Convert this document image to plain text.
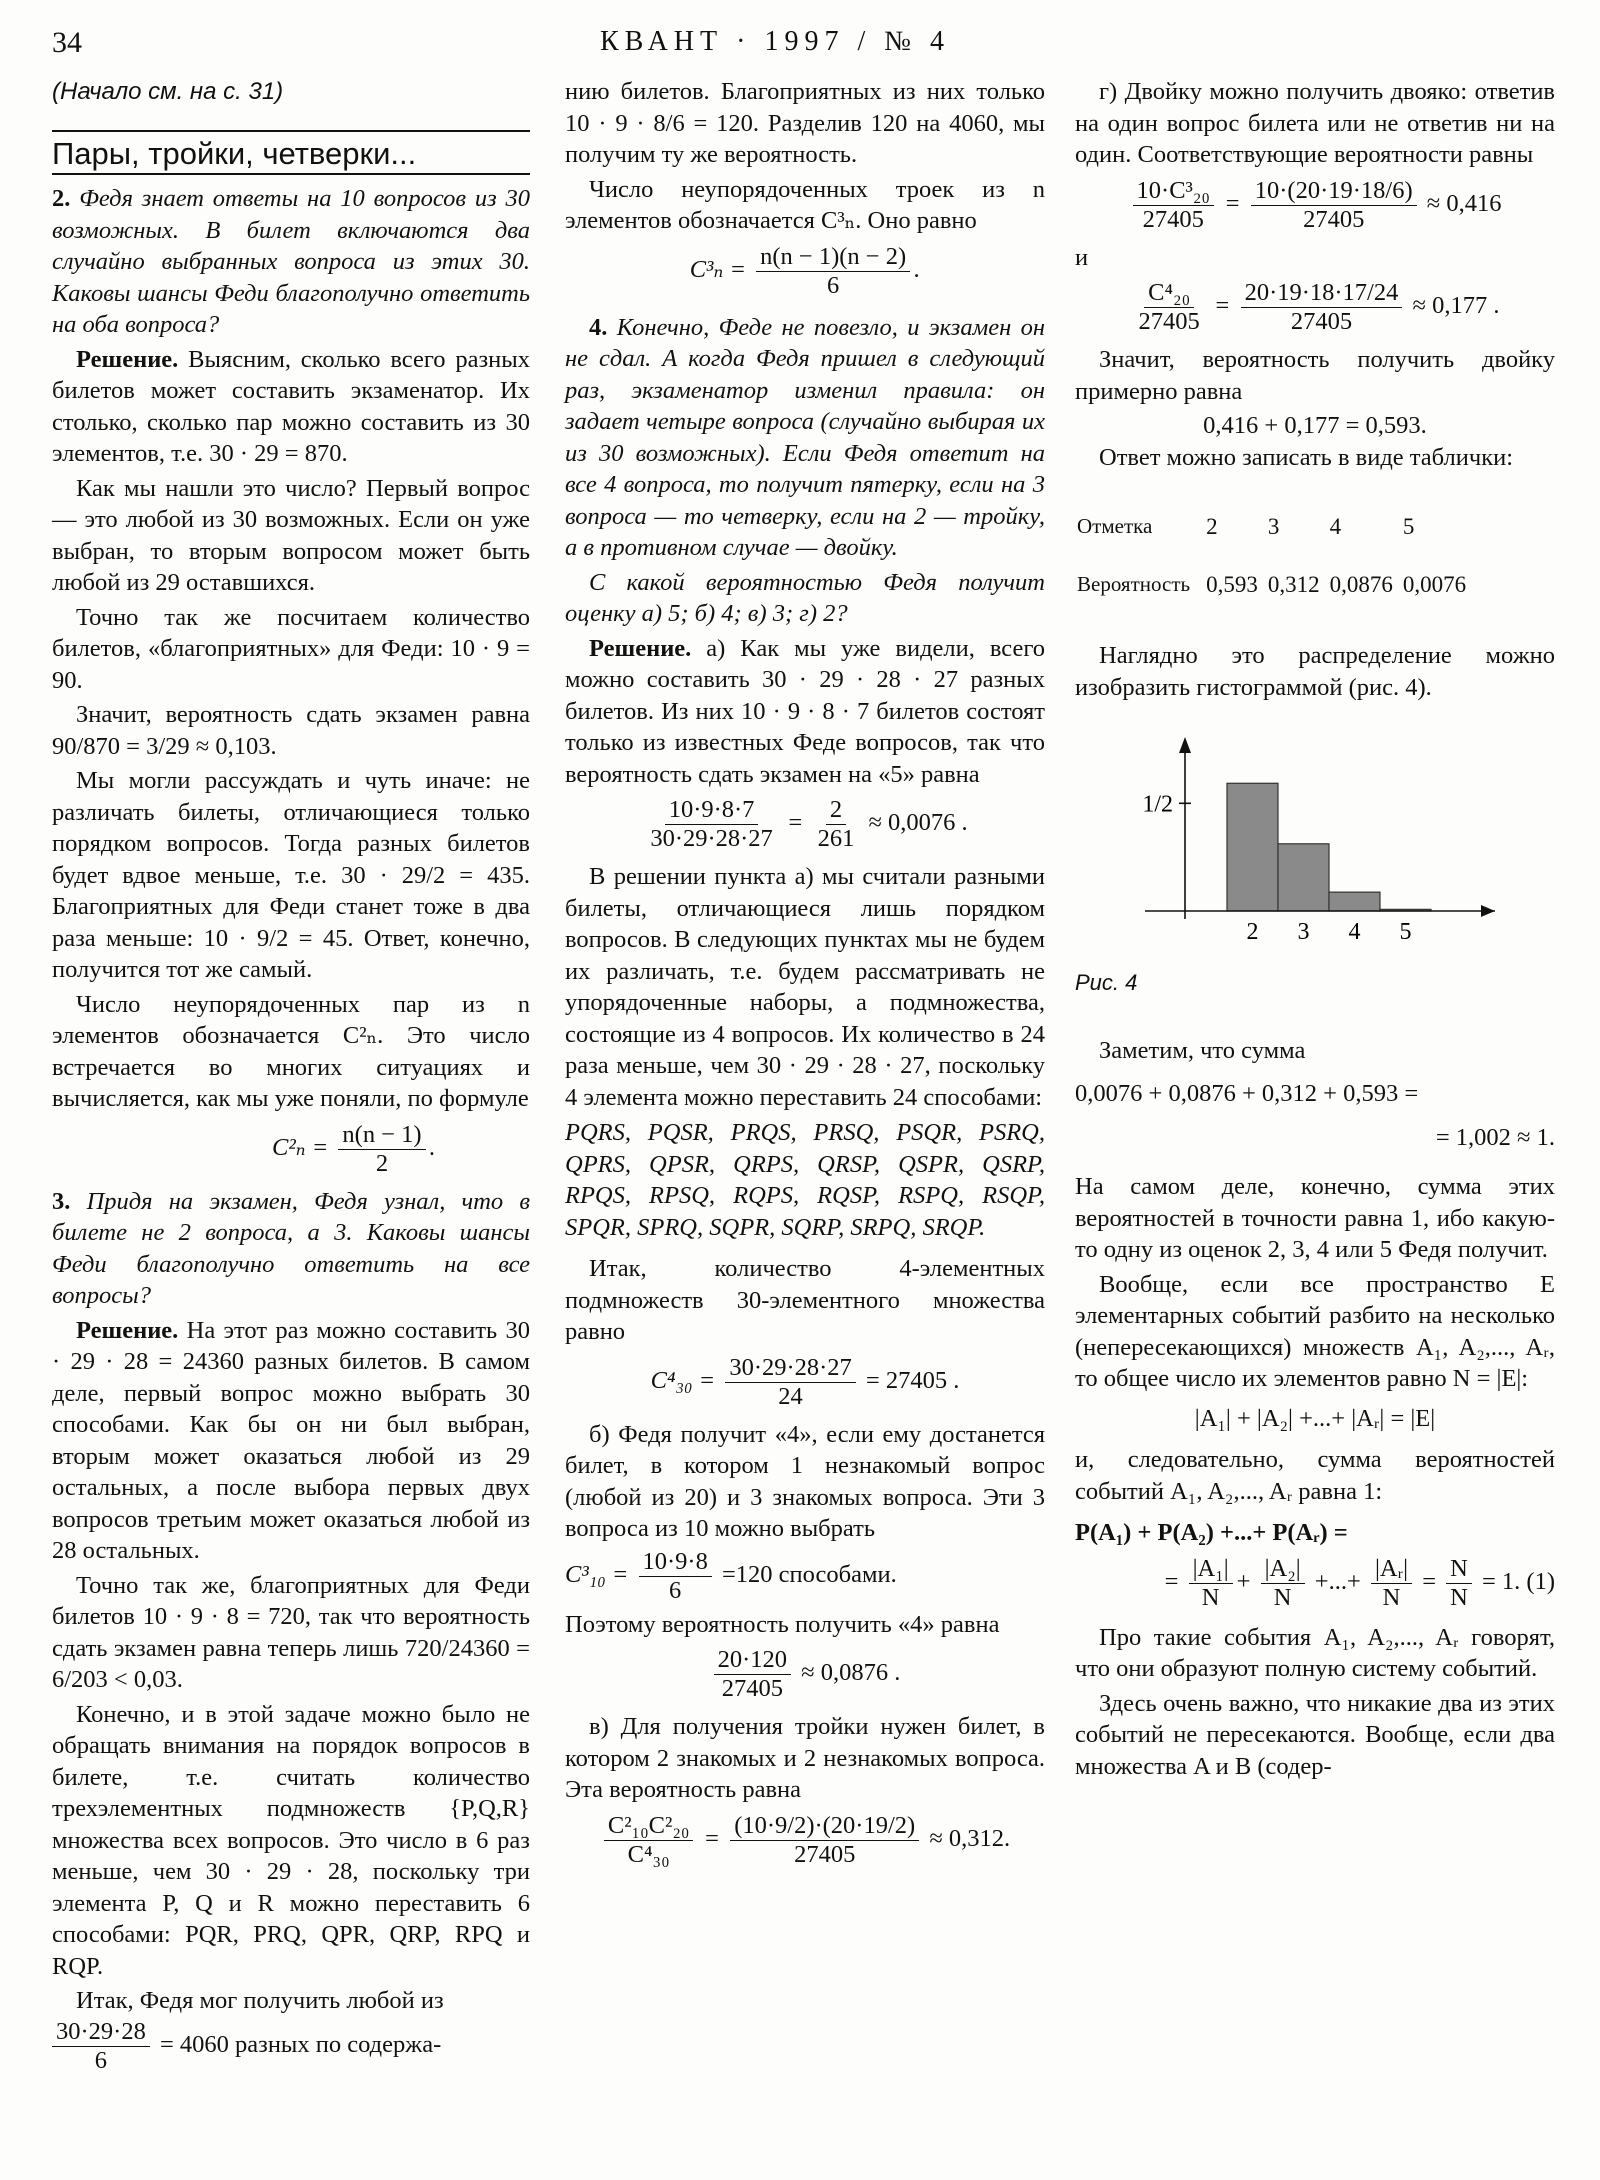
34	КВАНТ · 1997 / № 4

(Начало см. на с. 31)

Пары, тройки, четверки...

2. Федя знает ответы на 10 вопросов из 30 возможных. В билет включаются два случайно выбранных вопроса из этих 30. Каковы шансы Феди благополучно ответить на оба вопроса?

Решение. Выясним, сколько всего разных билетов может составить экзаменатор. Их столько, сколько пар можно составить из 30 элементов, т.е. 30 · 29 = 870.

Как мы нашли это число? Первый вопрос — это любой из 30 возможных. Если он уже выбран, то вторым вопросом может быть любой из 29 оставшихся.

Точно так же посчитаем количество билетов, «благоприятных» для Феди: 10 · 9 = 90.

Значит, вероятность сдать экзамен равна 90/870 = 3/29 ≈ 0,103.

Мы могли рассуждать и чуть иначе: не различать билеты, отличающиеся только порядком вопросов. Тогда разных билетов будет вдвое меньше, т.е. 30 · 29/2 = 435. Благоприятных для Феди станет тоже в два раза меньше: 10 · 9/2 = 45. Ответ, конечно, получится тот же самый.

Число неупорядоченных пар из n элементов обозначается C²ₙ. Это число встречается во многих ситуациях и вычисляется, как мы уже поняли, по формуле

$C^2_n = \frac{n(n - 1)}{2}$ .

3. Придя на экзамен, Федя узнал, что в билете не 2 вопроса, а 3. Каковы шансы Феди благополучно ответить на все вопросы?

Решение. На этот раз можно составить 30 · 29 · 28 = 24360 разных билетов. В самом деле, первый вопрос можно выбрать 30 способами. Как бы он ни был выбран, вторым может оказаться любой из 29 остальных, а после выбора первых двух вопросов третьим может оказаться любой из 28 остальных.

Точно так же, благоприятных для Феди билетов 10 · 9 · 8 = 720, так что вероятность сдать экзамен равна теперь лишь 720/24360 = 6/203 < 0,03.

Конечно, и в этой задаче можно было не обращать внимания на порядок вопросов в билете, т.е. считать количество трехэлементных подмножеств {P,Q,R} множества всех вопросов. Это число в 6 раз меньше, чем 30 · 29 · 28, поскольку три элемента P, Q и R можно переставить 6 способами: PQR, PRQ, QPR, QRP, RPQ и RQP.

Итак, Федя мог получить любой из

$\frac{30\cdot 29\cdot 28}{6} = 4060$ разных по содержа-

нию билетов. Благоприятных из них только 10 · 9 · 8/6 = 120. Разделив 120 на 4060, мы получим ту же вероятность.

Число неупорядоченных троек из n элементов обозначается C³ₙ. Оно равно

$C^3_n = \frac{n(n - 1)(n - 2)}{6}$ .

4. Конечно, Феде не повезло, и экзамен он не сдал. А когда Федя пришел в следующий раз, экзаменатор изменил правила: он задает четыре вопроса (случайно выбирая их из 30 возможных). Если Федя ответит на все 4 вопроса, то получит пятерку, если на 3 вопроса — то четверку, если на 2 — тройку, а в противном случае — двойку.

С какой вероятностью Федя получит оценку а) 5; б) 4; в) 3; г) 2?

Решение. а) Как мы уже видели, всего можно составить 30 · 29 · 28 · 27 разных билетов. Из них 10 · 9 · 8 · 7 билетов состоят только из известных Феде вопросов, так что вероятность сдать экзамен на «5» равна

$\frac{10\cdot 9\cdot 8\cdot 7}{30\cdot 29\cdot 28\cdot 27} = \frac{2}{261} \approx 0,0076$ .

В решении пункта а) мы считали разными билеты, отличающиеся лишь порядком вопросов. В следующих пунктах мы не будем их различать, т.е. будем рассматривать не упорядоченные наборы, а подмножества, состоящие из 4 вопросов. Их количество в 24 раза меньше, чем 30 · 29 · 28 · 27, поскольку 4 элемента можно переставить 24 способами:

PQRS, PQSR, PRQS, PRSQ, PSQR, PSRQ, QPRS, QPSR, QRPS, QRSP, QSPR, QSRP, RPQS, RPSQ, RQPS, RQSP, RSPQ, RSQP, SPQR, SPRQ, SQPR, SQRP, SRPQ, SRQP.

Итак, количество 4-элементных подмножеств 30-элементного множества равно

$C^4_{30} = \frac{30\cdot 29\cdot 28\cdot 27}{24} = 27405$ .

б) Федя получит «4», если ему достанется билет, в котором 1 незнакомый вопрос (любой из 20) и 3 знакомых вопроса. Эти 3 вопроса из 10 можно выбрать

$C^3_{10} = \frac{10\cdot 9\cdot 8}{6} =120$ способами.

Поэтому вероятность получить «4» равна

$\frac{20\cdot 120}{27405} \approx 0,0876$ .

в) Для получения тройки нужен билет, в котором 2 знакомых и 2 незнакомых вопроса. Эта вероятность равна

$\frac{\text{C²₁₀C²₂₀}}{\text{C⁴₃₀}} = \frac{(10\cdot 9/2)\cdot(20\cdot 19/2)}{27405} \approx 0,312$.

г) Двойку можно получить двояко: ответив на один вопрос билета или не ответив ни на один. Соответствующие вероятности равны

$\frac{\text{10·C³₂₀}}{27405} = \frac{10\cdot(20\cdot 19\cdot 18/6)}{27405} \approx 0,416$

и

$\frac{\text{C⁴₂₀}}{27405} = \frac{20\cdot 19\cdot 18\cdot 17/24}{27405} \approx 0,177$ .

Значит, вероятность получить двойку примерно равна

0,416 + 0,177 = 0,593.

Ответ можно записать в виде таблички:

Отметка	2	3	4	5
Вероятность	0,593	0,312	0,0876	0,0076

Наглядно это распределение можно изобразить гистограммой (рис. 4).

2 3 4 5
1/2
Рис. 4

Заметим, что сумма

0,0076 + 0,0876 + 0,312 + 0,593 =
= 1,002 ≈ 1.

На самом деле, конечно, сумма этих вероятностей в точности равна 1, ибо какую-то одну из оценок 2, 3, 4 или 5 Федя получит.

Вообще, если все пространство E элементарных событий разбито на несколько (непересекающихся) множеств A₁, A₂,..., Aᵣ, то общее число их элементов равно N = |E|:

|A₁| + |A₂| +...+ |Aᵣ| = |E|

и, следовательно, сумма вероятностей событий A₁, A₂,..., Aᵣ равна 1:

P(A₁) + P(A₂) +...+ P(Aᵣ) =
= $\frac{\text{|A₁|}}{N} + \frac{\text{|A₂|}}{N}$ +...+ $\frac{\text{|Aᵣ|}}{N} = \frac{N}{N} = 1$. (1)

Про такие события A₁, A₂,..., Aᵣ говорят, что они образуют полную систему событий.

Здесь очень важно, что никакие два из этих событий не пересекаются. Вообще, если два множества A и B (содер-
